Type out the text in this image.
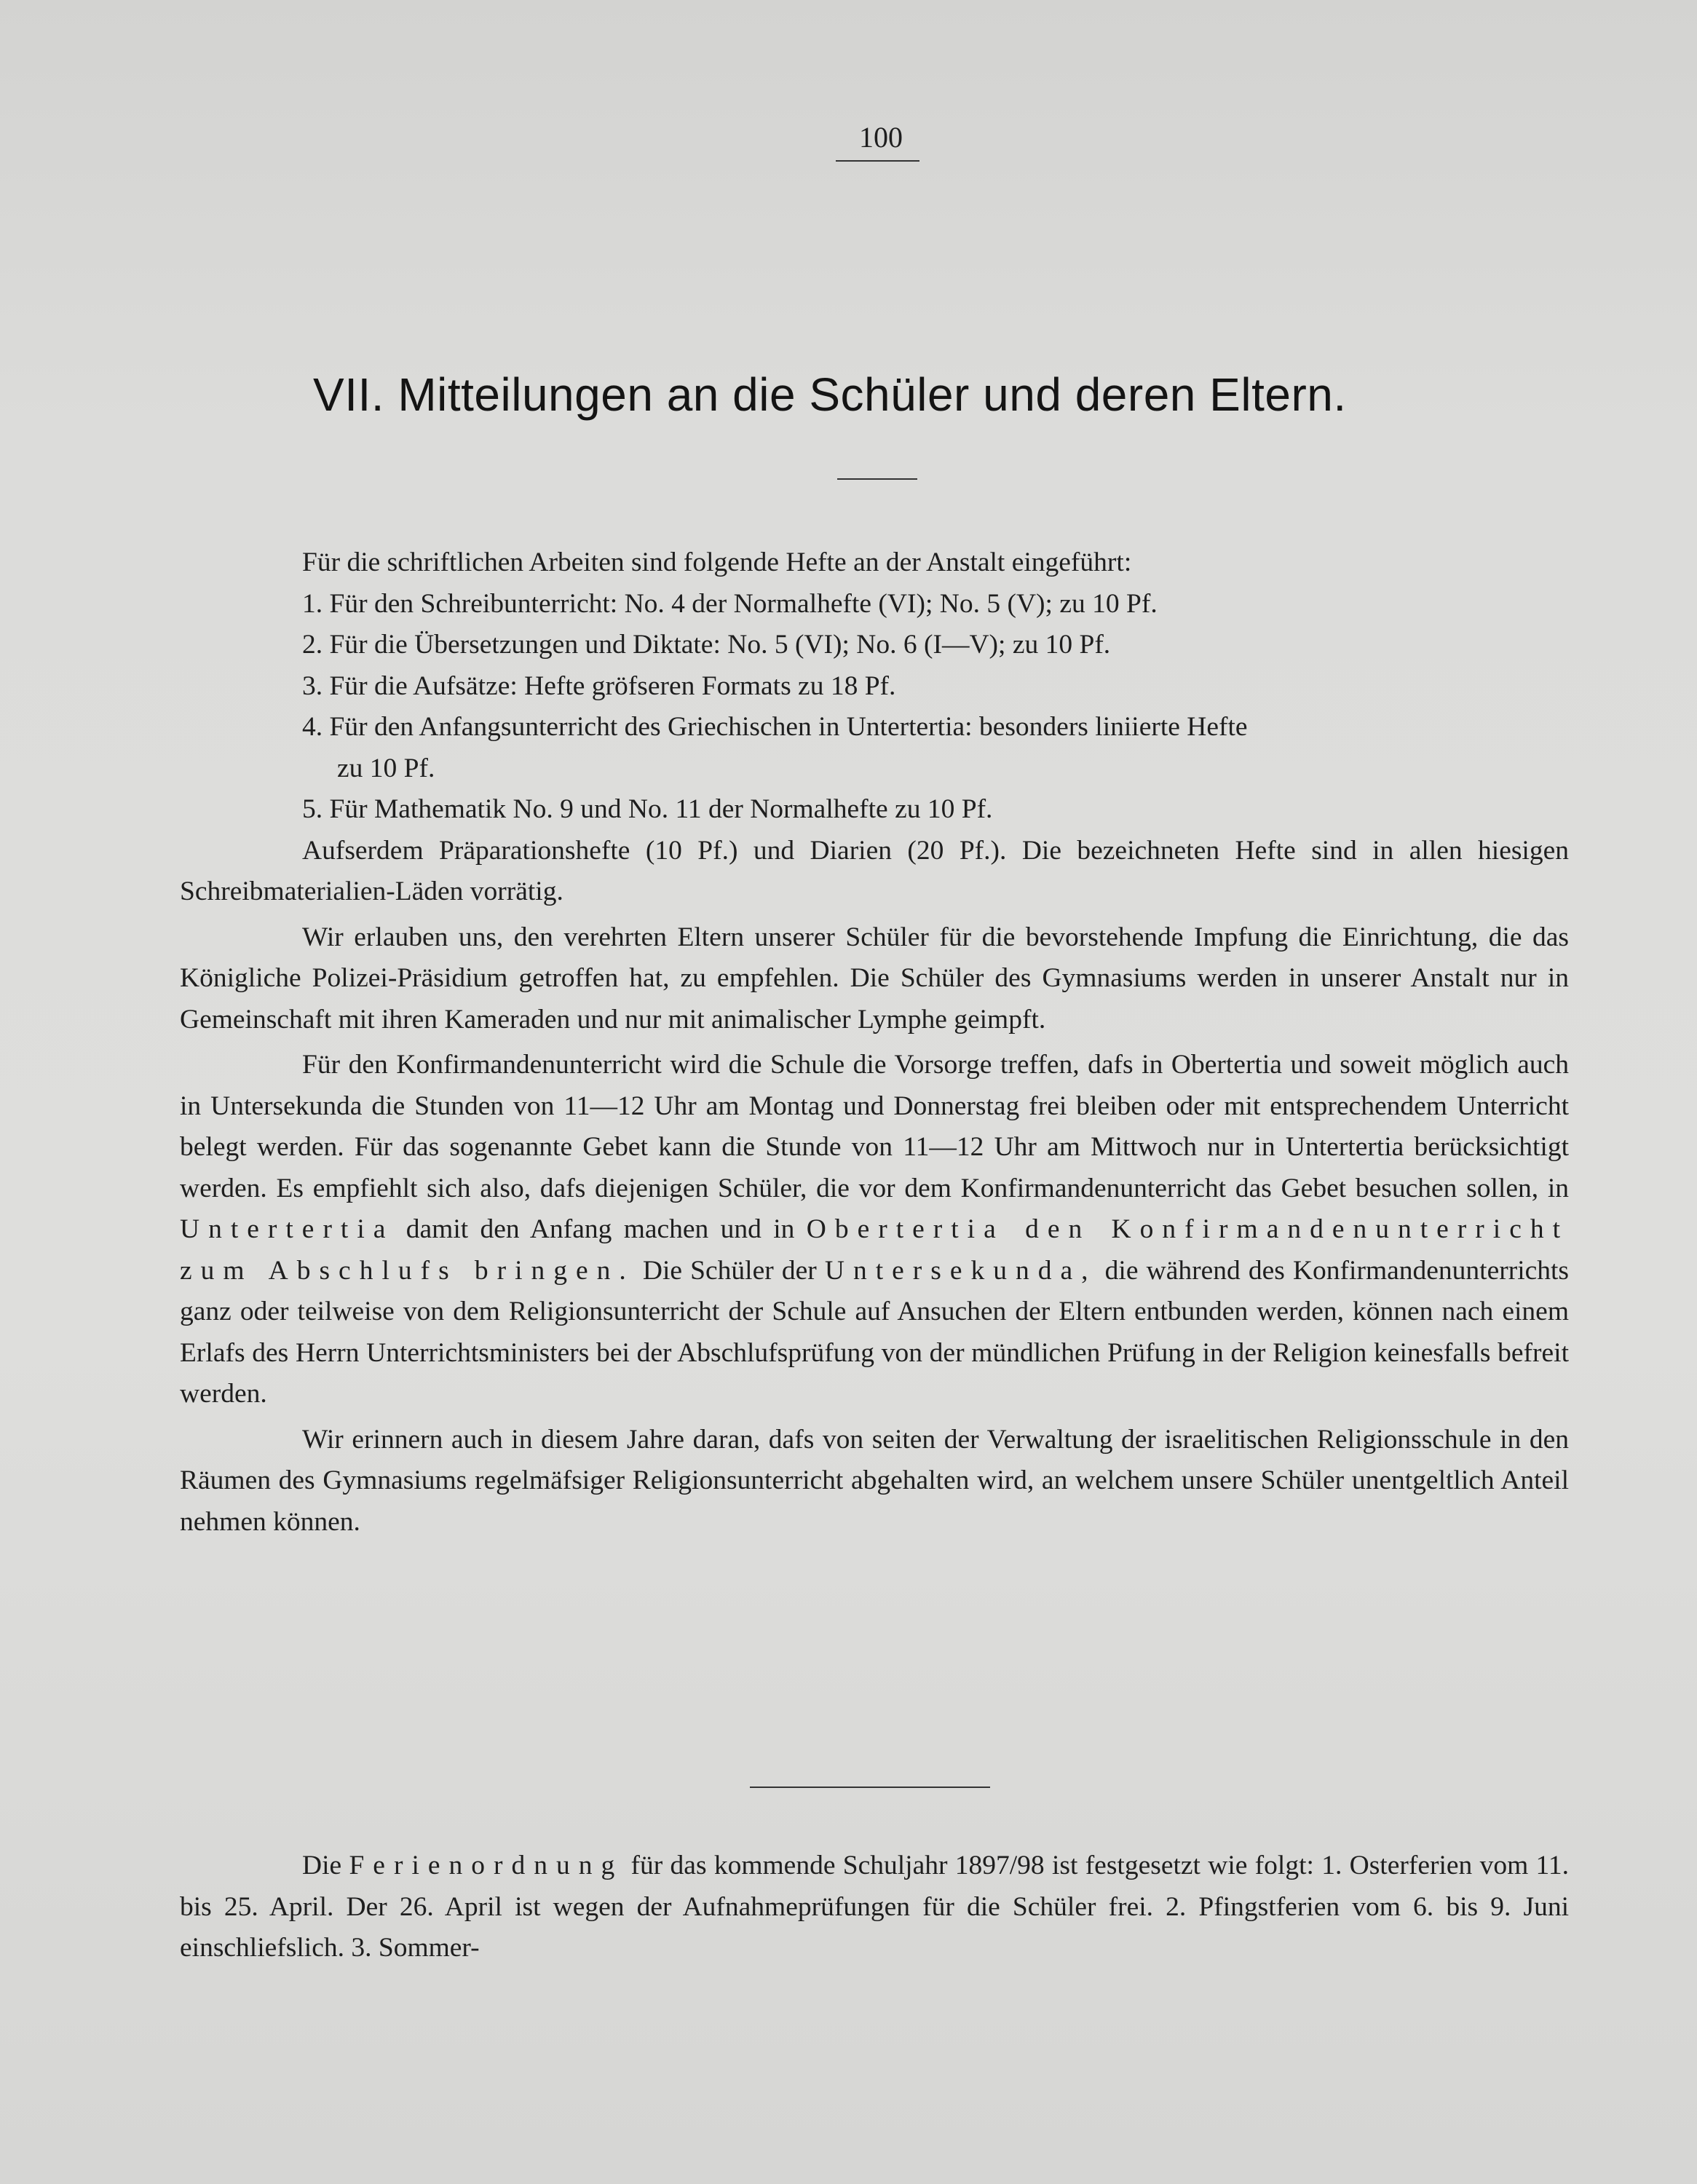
100
VII. Mitteilungen an die Schüler und deren Eltern.

Für die schriftlichen Arbeiten sind folgende Hefte an der Anstalt eingeführt:

1. Für den Schreibunterricht: No. 4 der Normalhefte (VI); No. 5 (V); zu 10 Pf.

2. Für die Übersetzungen und Diktate: No. 5 (VI); No. 6 (I—V); zu 10 Pf.

3. Für die Aufsätze: Hefte gröfseren Formats zu 18 Pf.

4. Für den Anfangsunterricht des Griechischen in Untertertia: besonders liniierte Hefte
zu 10 Pf.

5. Für Mathematik No. 9 und No. 11 der Normalhefte zu 10 Pf.

Aufserdem Präparationshefte (10 Pf.) und Diarien (20 Pf.). Die bezeichneten Hefte sind in allen hiesigen Schreibmaterialien-Läden vorrätig.

Wir erlauben uns, den verehrten Eltern unserer Schüler für die bevorstehende Impfung die Einrichtung, die das Königliche Polizei-Präsidium getroffen hat, zu empfehlen. Die Schüler des Gymnasiums werden in unserer Anstalt nur in Gemeinschaft mit ihren Kameraden und nur mit animalischer Lymphe geimpft.

Für den Konfirmandenunterricht wird die Schule die Vorsorge treffen, dafs in Obertertia und soweit möglich auch in Untersekunda die Stunden von 11—12 Uhr am Montag und Donnerstag frei bleiben oder mit entsprechendem Unterricht belegt werden. Für das sogenannte Gebet kann die Stunde von 11—12 Uhr am Mittwoch nur in Untertertia berücksichtigt werden. Es empfiehlt sich also, dafs diejenigen Schüler, die vor dem Konfirmandenunterricht das Gebet besuchen sollen, in Untertertia damit den Anfang machen und in Obertertia den Konfirmandenunterricht zum Abschlufs bringen. Die Schüler der Untersekunda, die während des Konfirmandenunterrichts ganz oder teilweise von dem Religionsunterricht der Schule auf Ansuchen der Eltern entbunden werden, können nach einem Erlafs des Herrn Unterrichtsministers bei der Abschlufsprüfung von der mündlichen Prüfung in der Religion keinesfalls befreit werden.

Wir erinnern auch in diesem Jahre daran, dafs von seiten der Verwaltung der israelitischen Religionsschule in den Räumen des Gymnasiums regelmäfsiger Religionsunterricht abgehalten wird, an welchem unsere Schüler unentgeltlich Anteil nehmen können.

Die Ferienordnung für das kommende Schuljahr 1897/98 ist festgesetzt wie folgt: 1. Osterferien vom 11. bis 25. April. Der 26. April ist wegen der Aufnahmeprüfungen für die Schüler frei. 2. Pfingstferien vom 6. bis 9. Juni einschliefslich. 3. Sommer-
